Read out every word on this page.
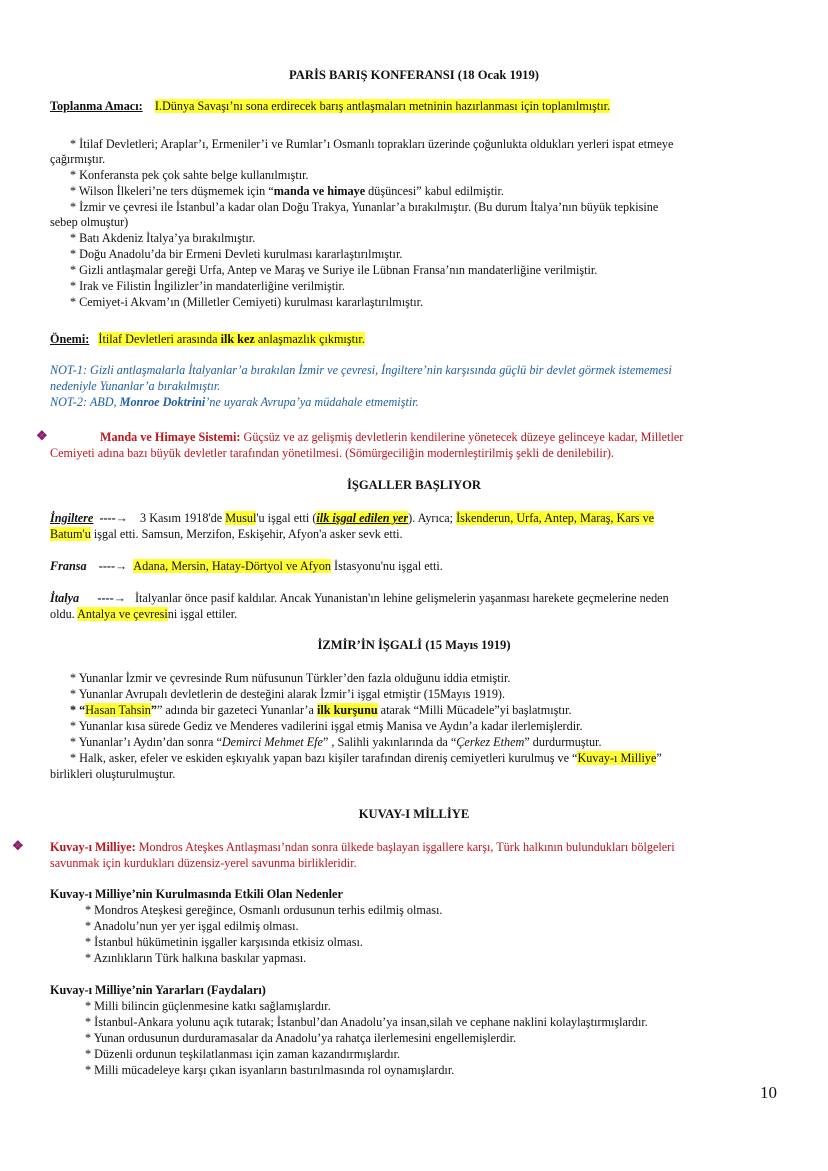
PARİS BARIŞ KONFERANSI (18 Ocak 1919)
Toplanma Amacı: I.Dünya Savaşı’nı sona erdirecek barış antlaşmaları metninin hazırlanması için toplanılmıştır.
* İtilaf Devletleri; Araplar’ı, Ermeniler’i ve Rumlar’ı Osmanlı toprakları üzerinde çoğunlukta oldukları yerleri ispat etmeye
çağırmıştır.
* Konferansta pek çok sahte belge kullanılmıştır.
* Wilson İlkeleri’ne ters düşmemek için “manda ve himaye düşüncesi” kabul edilmiştir.
* İzmir ve çevresi ile İstanbul’a kadar olan Doğu Trakya, Yunanlar’a bırakılmıştır. (Bu durum İtalya’nın büyük tepkisine
sebep olmuştur)
* Batı Akdeniz İtalya’ya bırakılmıştır.
* Doğu Anadolu’da bir Ermeni Devleti kurulması kararlaştırılmıştır.
* Gizli antlaşmalar gereği Urfa, Antep ve Maraş ve Suriye ile Lübnan Fransa’nın mandaterliğine verilmiştir.
* Irak ve Filistin İngilizler’in mandaterliğine verilmiştir.
* Cemiyet-i Akvam’ın (Milletler Cemiyeti) kurulması kararlaştırılmıştır.
Önemi: İtilaf Devletleri arasında ilk kez anlaşmazlık çıkmıştır.
NOT-1: Gizli antlaşmalarla İtalyanlar’a bırakılan İzmir ve çevresi, İngiltere’nin karşısında güçlü bir devlet görmek istememesi
nedeniyle Yunanlar’a bırakılmıştır.
NOT-2: ABD, Monroe Doktrini’ne uyarak Avrupa’ya müdahale etmemiştir.
❖	Manda ve Himaye Sistemi: Güçsüz ve az gelişmiş devletlerin kendilerine yönetecek düzeye gelinceye kadar, Milletler
Cemiyeti adına bazı büyük devletler tarafından yönetilmesi. (Sömürgeciliğin modernleştirilmiş şekli de denilebilir).
İŞGALLER BAŞLIYOR
İngiltere ----→ 3 Kasım 1918'de Musul'u işgal etti (ilk işgal edilen yer). Ayrıca; İskenderun, Urfa, Antep, Maraş, Kars ve
Batum'u işgal etti. Samsun, Merzifon, Eskişehir, Afyon'a asker sevk etti.
Fransa ----→ Adana, Mersin, Hatay-Dörtyol ve Afyon İstasyonu'nu işgal etti.
İtalya ----→ İtalyanlar önce pasif kaldılar. Ancak Yunanistan'ın lehine gelişmelerin yaşanması harekete geçmelerine neden
oldu. Antalya ve çevresini işgal ettiler.
İZMİR’İN İŞGALİ (15 Mayıs 1919)
* Yunanlar İzmir ve çevresinde Rum nüfusunun Türkler’den fazla olduğunu iddia etmiştir.
* Yunanlar Avrupalı devletlerin de desteğini alarak İzmir’i işgal etmiştir (15Mayıs 1919).
* “Hasan Tahsin”” adında bir gazeteci Yunanlar’a ilk kurşunu atarak “Milli Mücadele”yi başlatmıştır.
* Yunanlar kısa sürede Gediz ve Menderes vadilerini işgal etmiş Manisa ve Aydın’a kadar ilerlemişlerdir.
* Yunanlar’ı Aydın’dan sonra “Demirci Mehmet Efe” , Salihli yakınlarında da “Çerkez Ethem” durdurmuştur.
* Halk, asker, efeler ve eskiden eşkıyalık yapan bazı kişiler tarafından direniş cemiyetleri kurulmuş ve “Kuvay-ı Milliye”
birlikleri oluşturulmuştur.
KUVAY-I MİLLİYE
❖ Kuvay-ı Milliye: Mondros Ateşkes Antlaşması’ndan sonra ülkede başlayan işgallere karşı, Türk halkının bulundukları bölgeleri
savunmak için kurdukları düzensiz-yerel savunma birlikleridir.
Kuvay-ı Milliye’nin Kurulmasında Etkili Olan Nedenler
* Mondros Ateşkesi gereğince, Osmanlı ordusunun terhis edilmiş olması.
* Anadolu’nun yer yer işgal edilmiş olması.
* İstanbul hükümetinin işgaller karşısında etkisiz olması.
* Azınlıkların Türk halkına baskılar yapması.
Kuvay-ı Milliye’nin Yararları (Faydaları)
* Milli bilincin güçlenmesine katkı sağlamışlardır.
* İstanbul-Ankara yolunu açık tutarak; İstanbul’dan Anadolu’ya insan,silah ve cephane naklini kolaylaştırmışlardır.
* Yunan ordusunun durduramasalar da Anadolu’ya rahatça ilerlemesini engellemişlerdir.
* Düzenli ordunun teşkilatlanması için zaman kazandırmışlardır.
* Milli mücadeleye karşı çıkan isyanların bastırılmasında rol oynamışlardır.
10
